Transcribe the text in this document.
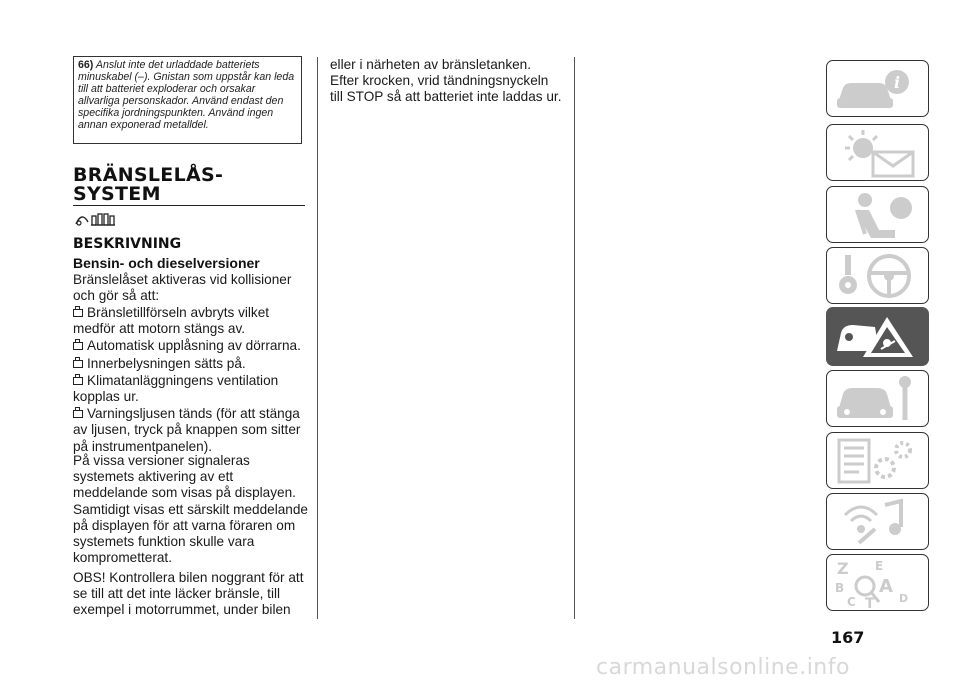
66) Anslut inte det urladdade batteriets minuskabel (–). Gnistan som uppstår kan leda till att batteriet exploderar och orsakar allvarliga personskador. Använd endast den specifika jordningspunkten. Använd ingen annan exponerad metalldel.
BRÄNSLELÅS-
SYSTEM
BESKRIVNING
Bensin- och dieselversioner
Bränslelåset aktiveras vid kollisioner och gör så att:
Bränsletillförseln avbryts vilket medför att motorn stängs av.
Automatisk upplåsning av dörrarna.
Innerbelysningen sätts på.
Klimatanläggningens ventilation kopplas ur.
Varningsljusen tänds (för att stänga av ljusen, tryck på knappen som sitter på instrumentpanelen).
På vissa versioner signaleras systemets aktivering av ett meddelande som visas på displayen. Samtidigt visas ett särskilt meddelande på displayen för att varna föraren om systemets funktion skulle vara komprometterat.
OBS! Kontrollera bilen noggrant för att se till att det inte läcker bränsle, till exempel i motorrummet, under bilen
eller i närheten av bränsletanken. Efter krocken, vrid tändningsnyckeln till STOP så att batteriet inte laddas ur.
i
Z E
B A
C T D
167
carmanualsonline.info
